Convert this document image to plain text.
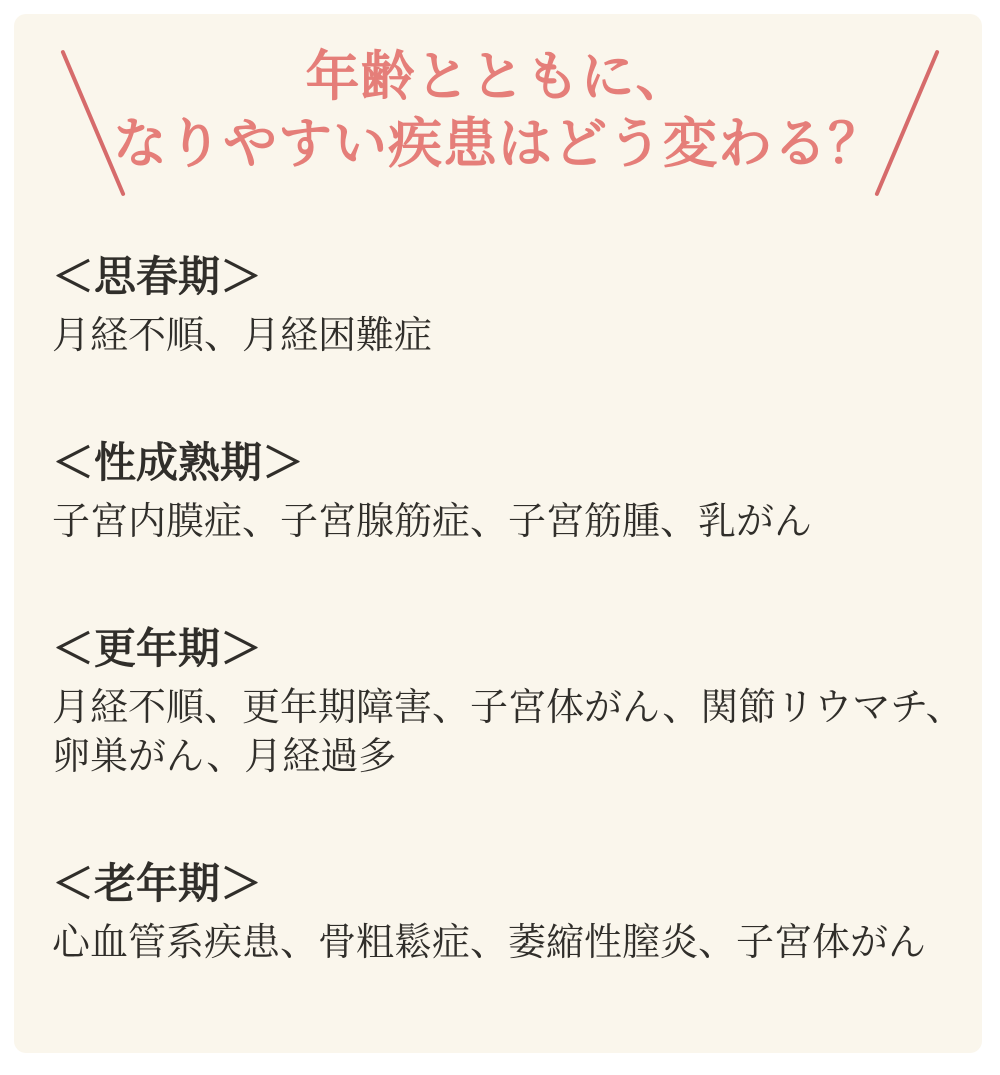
年齢とともに、
なりやすい疾患はどう変わる？
＜思春期＞

月経不順、月経困難症

＜性成熟期＞

子宮内膜症、子宮腺筋症、子宮筋腫、乳がん

＜更年期＞

月経不順、更年期障害、子宮体がん、関節リウマチ、卵巣がん、月経過多

＜老年期＞

心血管系疾患、骨粗鬆症、萎縮性膣炎、子宮体がん
